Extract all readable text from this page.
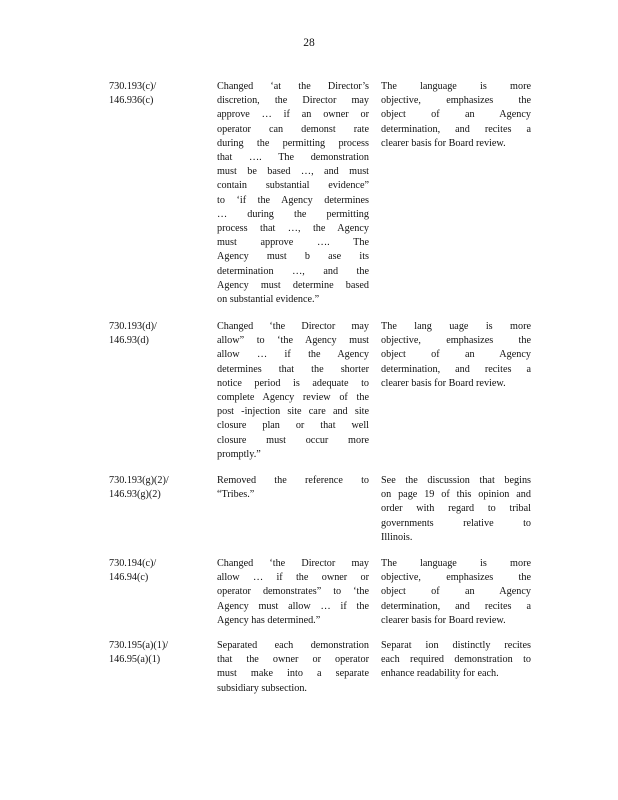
28
730.193(c)/
146.936(c)
Changed ‘at the Director’s
discretion, the Director may
approve … if an owner or
operator can demonst rate
during the permitting process
that …. The demonstration
must be based …, and must
contain substantial evidence”
to ‘if the Agency determines
… during the permitting
process that …, the Agency
must approve …. The
Agency must b ase its
determination …, and the
Agency must determine based
on substantial evidence.”
The language is more
objective, emphasizes the
object of an Agency
determination, and recites a
clearer basis for Board review.
730.193(d)/
146.93(d)
Changed ‘the Director may
allow” to ‘the Agency must
allow … if the Agency
determines that the shorter
notice period is adequate to
complete Agency review of the
post -injection site care and site
closure plan or that well
closure must occur more
promptly.”
The lang uage is more
objective, emphasizes the
object of an Agency
determination, and recites a
clearer basis for Board review.
730.193(g)(2)/
146.93(g)(2)
Removed the reference to
“Tribes.”
See the discussion that begins
on page 19 of this opinion and
order with regard to tribal
governments relative to
Illinois.
730.194(c)/
146.94(c)
Changed ‘the Director may
allow … if the owner or
operator demonstrates” to ‘the
Agency must allow … if the
Agency has determined.”
The language is more
objective, emphasizes the
object of an Agency
determination, and recites a
clearer basis for Board review.
730.195(a)(1)/
146.95(a)(1)
Separated each demonstration
that the owner or operator
must make into a separate
subsidiary subsection.
Separat ion distinctly recites
each required demonstration to
enhance readability for each.
